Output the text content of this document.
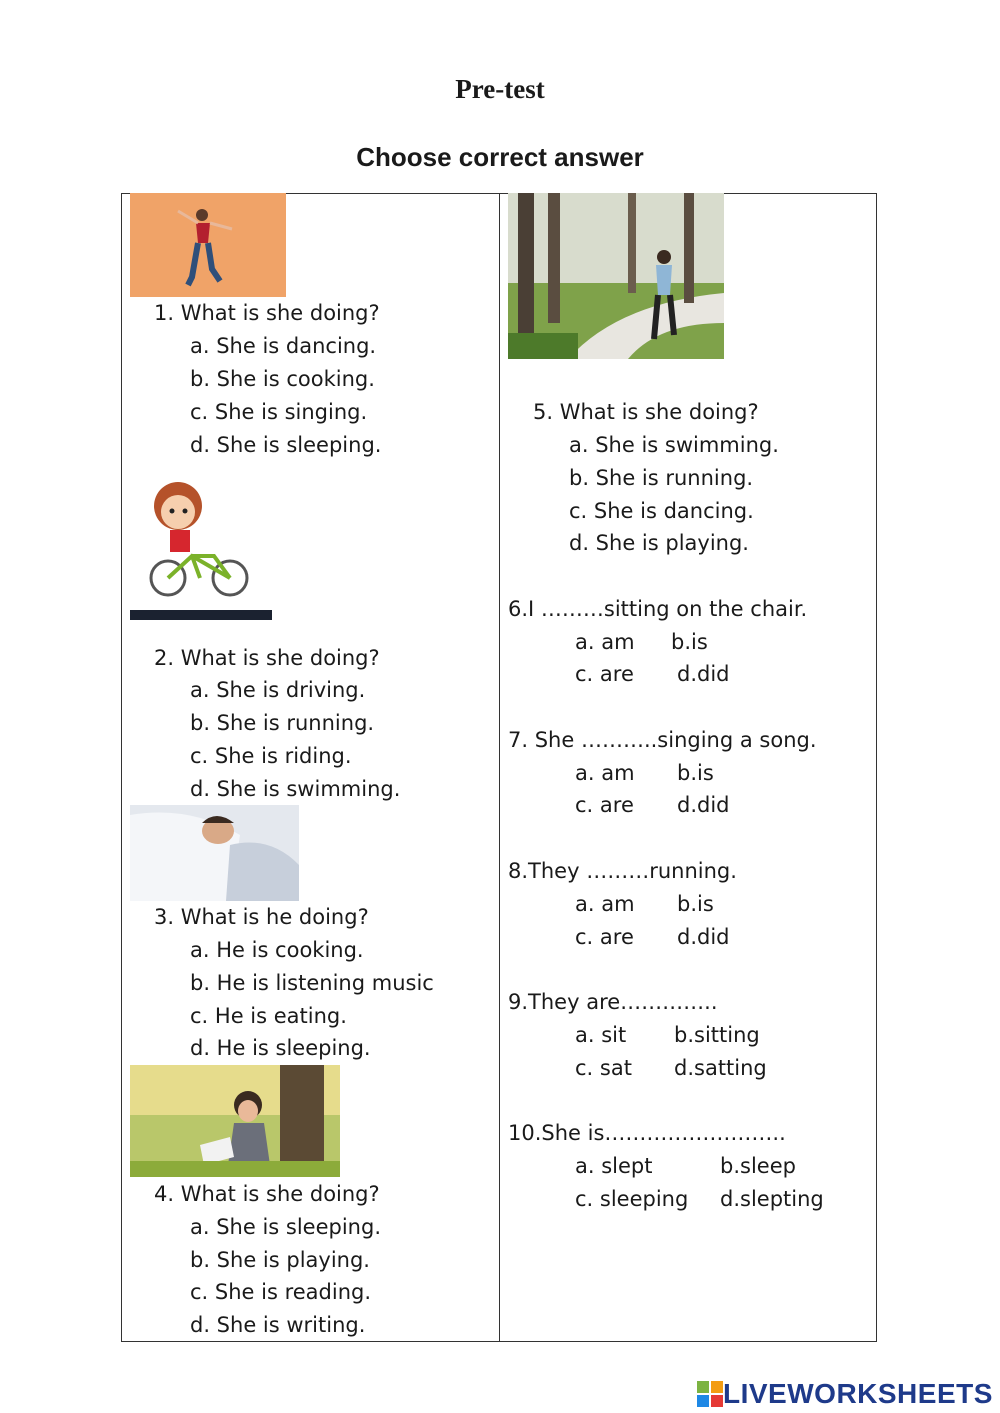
Pre-test
Choose correct answer
1. What is she doing?
a. She is dancing.
b. She is cooking.
c. She is singing.
d. She is sleeping.
2. What is she doing?
a. She is driving.
b. She is running.
c. She is riding.
d. She is swimming.
3. What is he doing?
a. He is cooking.
b. He is listening music
c. He is eating.
d. He is sleeping.
4. What is she doing?
a. She is sleeping.
b. She is playing.
c. She is reading.
d. She is writing.
5. What is she doing?
a. She is swimming.
b. She is running.
c. She is dancing.
d. She is playing.
6.I ………sitting on the chair.
a. am b.is
c. are d.did
7. She ………..singing a song.
a. am b.is
c. are d.did
8.They ………running.
a. am b.is
c. are d.did
9.They are…………..
a. sit b.sitting
c. sat d.satting
10.She is……………………..
a. slept	b.sleep
c. sleeping d.slepting
LIVEWORKSHEETS
